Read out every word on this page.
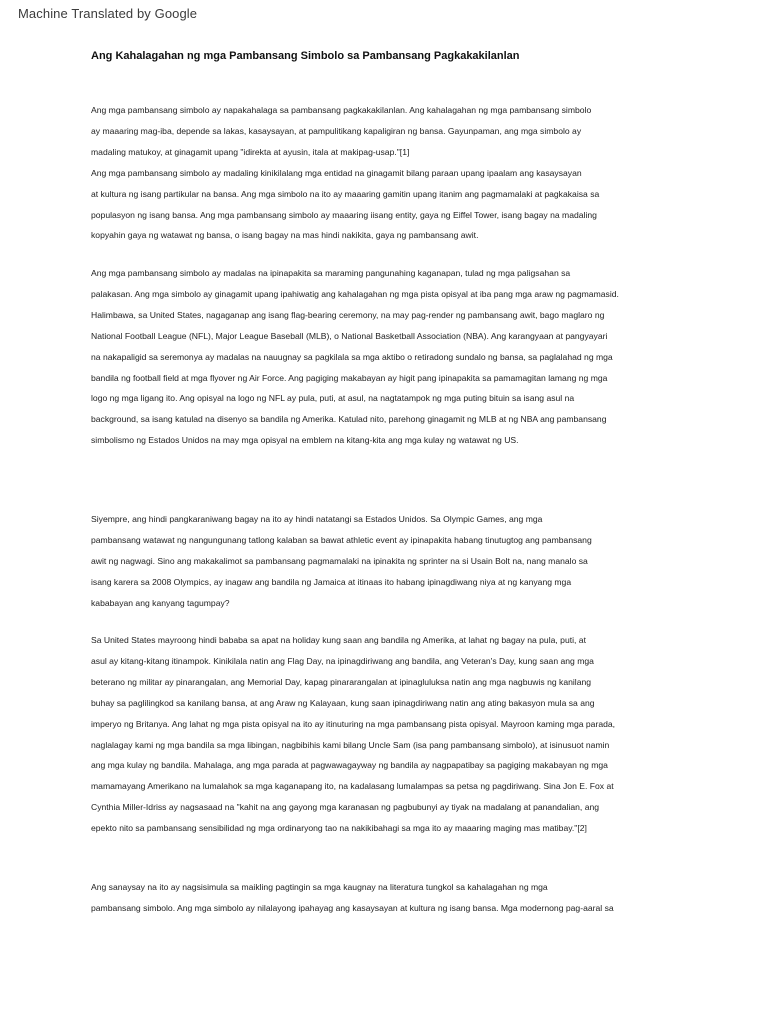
Machine Translated by Google
Ang Kahalagahan ng mga Pambansang Simbolo sa Pambansang Pagkakakilanlan

Ang mga pambansang simbolo ay napakahalaga sa pambansang pagkakakilanlan. Ang kahalagahan ng mga pambansang simbolo
ay maaaring mag-iba, depende sa lakas, kasaysayan, at pampulitikang kapaligiran ng bansa. Gayunpaman, ang mga simbolo ay
madaling matukoy, at ginagamit upang "idirekta at ayusin, itala at makipag-usap."[1]
Ang mga pambansang simbolo ay madaling kinikilalang mga entidad na ginagamit bilang paraan upang ipaalam ang kasaysayan
at kultura ng isang partikular na bansa. Ang mga simbolo na ito ay maaaring gamitin upang itanim ang pagmamalaki at pagkakaisa sa
populasyon ng isang bansa. Ang mga pambansang simbolo ay maaaring iisang entity, gaya ng Eiffel Tower, isang bagay na madaling
kopyahin gaya ng watawat ng bansa, o isang bagay na mas hindi nakikita, gaya ng pambansang awit.

Ang mga pambansang simbolo ay madalas na ipinapakita sa maraming pangunahing kaganapan, tulad ng mga paligsahan sa
palakasan. Ang mga simbolo ay ginagamit upang ipahiwatig ang kahalagahan ng mga pista opisyal at iba pang mga araw ng pagmamasid.
Halimbawa, sa United States, nagaganap ang isang flag-bearing ceremony, na may pag-render ng pambansang awit, bago maglaro ng
National Football League (NFL), Major League Baseball (MLB), o National Basketball Association (NBA). Ang karangyaan at pangyayari
na nakapaligid sa seremonya ay madalas na nauugnay sa pagkilala sa mga aktibo o retiradong sundalo ng bansa, sa paglalahad ng mga
bandila ng football field at mga flyover ng Air Force. Ang pagiging makabayan ay higit pang ipinapakita sa pamamagitan lamang ng mga
logo ng mga ligang ito. Ang opisyal na logo ng NFL ay pula, puti, at asul, na nagtatampok ng mga puting bituin sa isang asul na
background, sa isang katulad na disenyo sa bandila ng Amerika. Katulad nito, parehong ginagamit ng MLB at ng NBA ang pambansang
simbolismo ng Estados Unidos na may mga opisyal na emblem na kitang-kita ang mga kulay ng watawat ng US.

Siyempre, ang hindi pangkaraniwang bagay na ito ay hindi natatangi sa Estados Unidos. Sa Olympic Games, ang mga
pambansang watawat ng nangungunang tatlong kalaban sa bawat athletic event ay ipinapakita habang tinutugtog ang pambansang
awit ng nagwagi. Sino ang makakalimot sa pambansang pagmamalaki na ipinakita ng sprinter na si Usain Bolt na, nang manalo sa
isang karera sa 2008 Olympics, ay inagaw ang bandila ng Jamaica at itinaas ito habang ipinagdiwang niya at ng kanyang mga
kababayan ang kanyang tagumpay?

Sa United States mayroong hindi bababa sa apat na holiday kung saan ang bandila ng Amerika, at lahat ng bagay na pula, puti, at
asul ay kitang-kitang itinampok. Kinikilala natin ang Flag Day, na ipinagdiriwang ang bandila, ang Veteran's Day, kung saan ang mga
beterano ng militar ay pinarangalan, ang Memorial Day, kapag pinararangalan at ipinagluluksa natin ang mga nagbuwis ng kanilang
buhay sa paglilingkod sa kanilang bansa, at ang Araw ng Kalayaan, kung saan ipinagdiriwang natin ang ating bakasyon mula sa ang
imperyo ng Britanya. Ang lahat ng mga pista opisyal na ito ay itinuturing na mga pambansang pista opisyal. Mayroon kaming mga parada,
naglalagay kami ng mga bandila sa mga libingan, nagbibihis kami bilang Uncle Sam (isa pang pambansang simbolo), at isinusuot namin
ang mga kulay ng bandila. Mahalaga, ang mga parada at pagwawagayway ng bandila ay nagpapatibay sa pagiging makabayan ng mga
mamamayang Amerikano na lumalahok sa mga kaganapang ito, na kadalasang lumalampas sa petsa ng pagdiriwang. Sina Jon E. Fox at
Cynthia Miller-Idriss ay nagsasaad na "kahit na ang gayong mga karanasan ng pagbubunyi ay tiyak na madalang at panandalian, ang
epekto nito sa pambansang sensibilidad ng mga ordinaryong tao na nakikibahagi sa mga ito ay maaaring maging mas matibay."[2]

Ang sanaysay na ito ay nagsisimula sa maikling pagtingin sa mga kaugnay na literatura tungkol sa kahalagahan ng mga
pambansang simbolo. Ang mga simbolo ay nilalayong ipahayag ang kasaysayan at kultura ng isang bansa. Mga modernong pag-aaral sa
